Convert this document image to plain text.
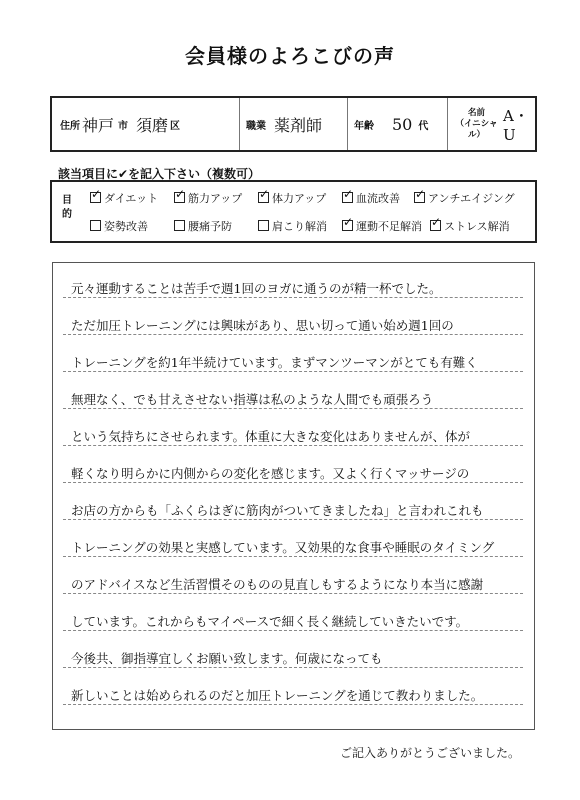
会員様のよろこびの声
住所 神戸 市 須磨 区	職業 薬剤師	年齢 50 代
名前
（イニシャル）
A・U
該当項目に✔を記入下さい（複数可）
目的
✓ダイエット ✓	筋力アップ ✓	体力アップ ✓	血流改善 ✓	アンチエイジング
姿勢改善	腰痛予防	肩こり解消 ✓	運動不足解消 ✓	ストレス解消
元々運動することは苦手で週1回のヨガに通うのが精一杯でした。
ただ加圧トレーニングには興味があり、思い切って通い始め週1回の
トレーニングを約1年半続けています。まずマンツーマンがとても有難く
無理なく、でも甘えさせない指導は私のような人間でも頑張ろう
という気持ちにさせられます。体重に大きな変化はありませんが、体が
軽くなり明らかに内側からの変化を感じます。又よく行くマッサージの
お店の方からも「ふくらはぎに筋肉がついてきましたね」と言われこれも
トレーニングの効果と実感しています。又効果的な食事や睡眠のタイミング
のアドバイスなど生活習慣そのものの見直しもするようになり本当に感謝
しています。これからもマイペースで細く長く継続していきたいです。
今後共、御指導宜しくお願い致します。何歳になっても
新しいことは始められるのだと加圧トレーニングを通じて教わりました。
ご記入ありがとうございました。
